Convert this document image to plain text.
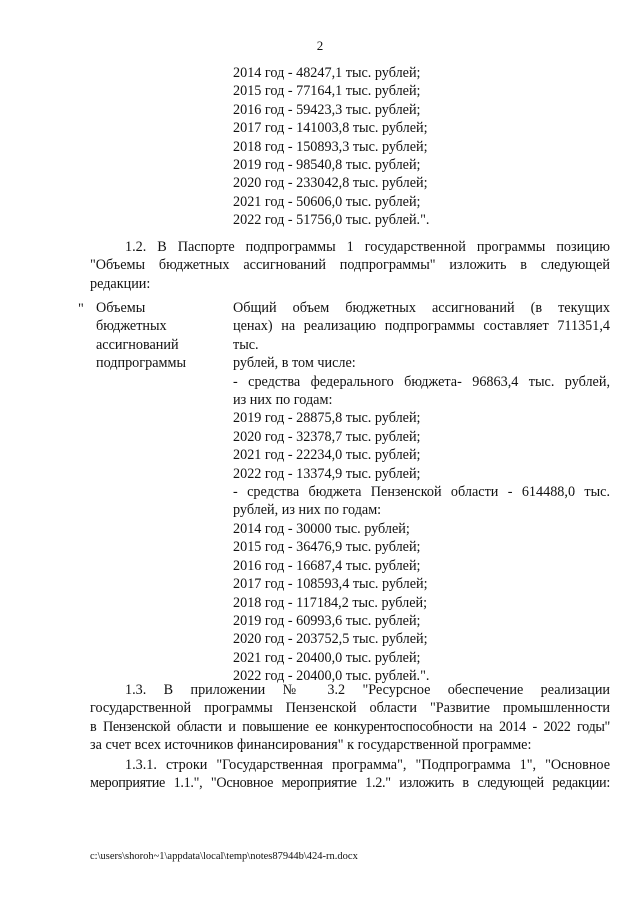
2
2014 год - 48247,1 тыс. рублей;
2015 год - 77164,1 тыс. рублей;
2016 год - 59423,3 тыс. рублей;
2017 год - 141003,8 тыс. рублей;
2018 год - 150893,3 тыс. рублей;
2019 год - 98540,8 тыс. рублей;
2020 год - 233042,8 тыс. рублей;
2021 год - 50606,0 тыс. рублей;
2022 год - 51756,0 тыс. рублей.".
1.2. В Паспорте подпрограммы 1 государственной программы позицию
"Объемы бюджетных ассигнований подпрограммы" изложить в следующей
редакции:
" Объемы
бюджетных
ассигнований
подпрограммы
Общий объем бюджетных ассигнований (в текущих
ценах) на реализацию подпрограммы составляет 711351,4 тыс.
рублей, в том числе:
- средства федерального бюджета- 96863,4 тыс. рублей,
из них по годам:
2019 год - 28875,8 тыс. рублей;
2020 год - 32378,7 тыс. рублей;
2021 год - 22234,0 тыс. рублей;
2022 год - 13374,9 тыс. рублей;
- средства бюджета Пензенской области - 614488,0 тыс.
рублей, из них по годам:
2014 год - 30000 тыс. рублей;
2015 год - 36476,9 тыс. рублей;
2016 год - 16687,4 тыс. рублей;
2017 год - 108593,4 тыс. рублей;
2018 год - 117184,2 тыс. рублей;
2019 год - 60993,6 тыс. рублей;
2020 год - 203752,5 тыс. рублей;
2021 год - 20400,0 тыс. рублей;
2022 год - 20400,0 тыс. рублей.".
1.3. В приложении № 3.2 "Ресурсное обеспечение реализации
государственной программы Пензенской области "Развитие промышленности
в Пензенской области и повышение ее конкурентоспособности на 2014 - 2022 годы"
за счет всех источников финансирования" к государственной программе:
1.3.1. строки "Государственная программа", "Подпрограмма 1", "Основное
мероприятие 1.1.", "Основное мероприятие 1.2." изложить в следующей редакции:
c:\users\shoroh~1\appdata\local\temp\notes87944b\424-rn.docx
